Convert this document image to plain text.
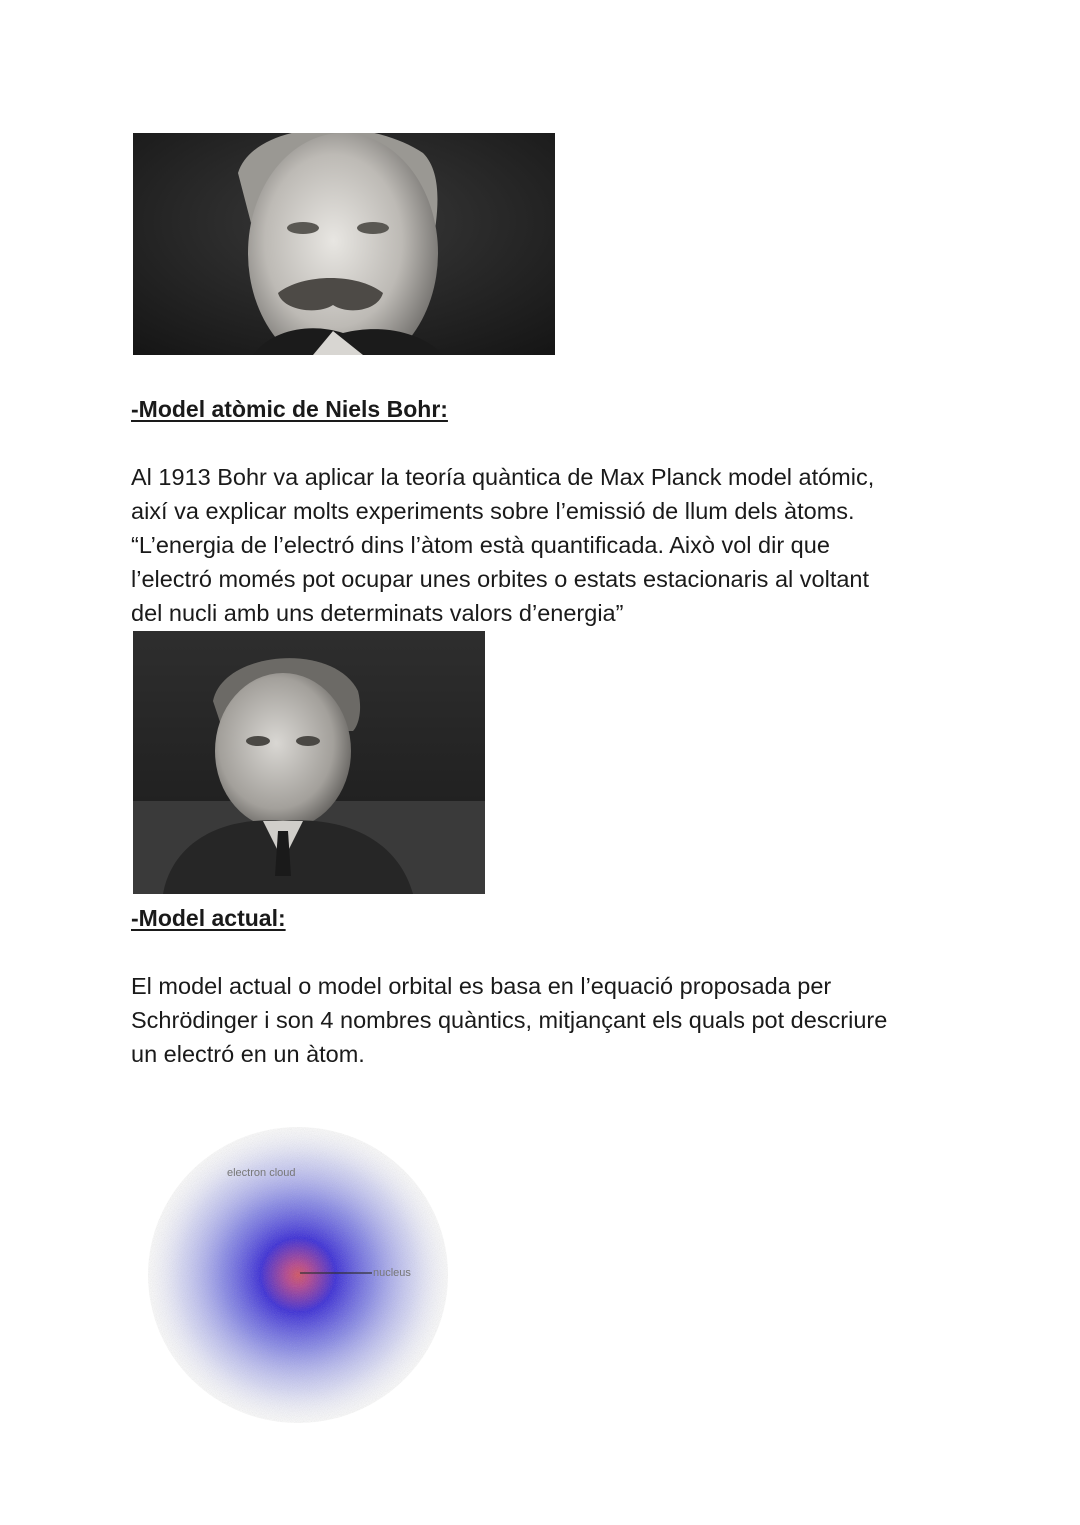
-Model atòmic de Niels Bohr:

Al 1913 Bohr va aplicar la teoría quàntica de Max Planck model atómic,
així va explicar molts experiments sobre l’emissió de llum dels àtoms.
“L’energia de l’electró dins l’àtom està quantificada. Això vol dir que
l’electró momés pot ocupar unes orbites o estats estacionaris al voltant
del nucli amb uns determinats valors d’energia”

-Model actual:

El model actual o model orbital es basa en l’equació proposada per
Schrödinger i son 4 nombres quàntics, mitjançant els quals pot descriure
un electró en un àtom.

electron cloud
nucleus
